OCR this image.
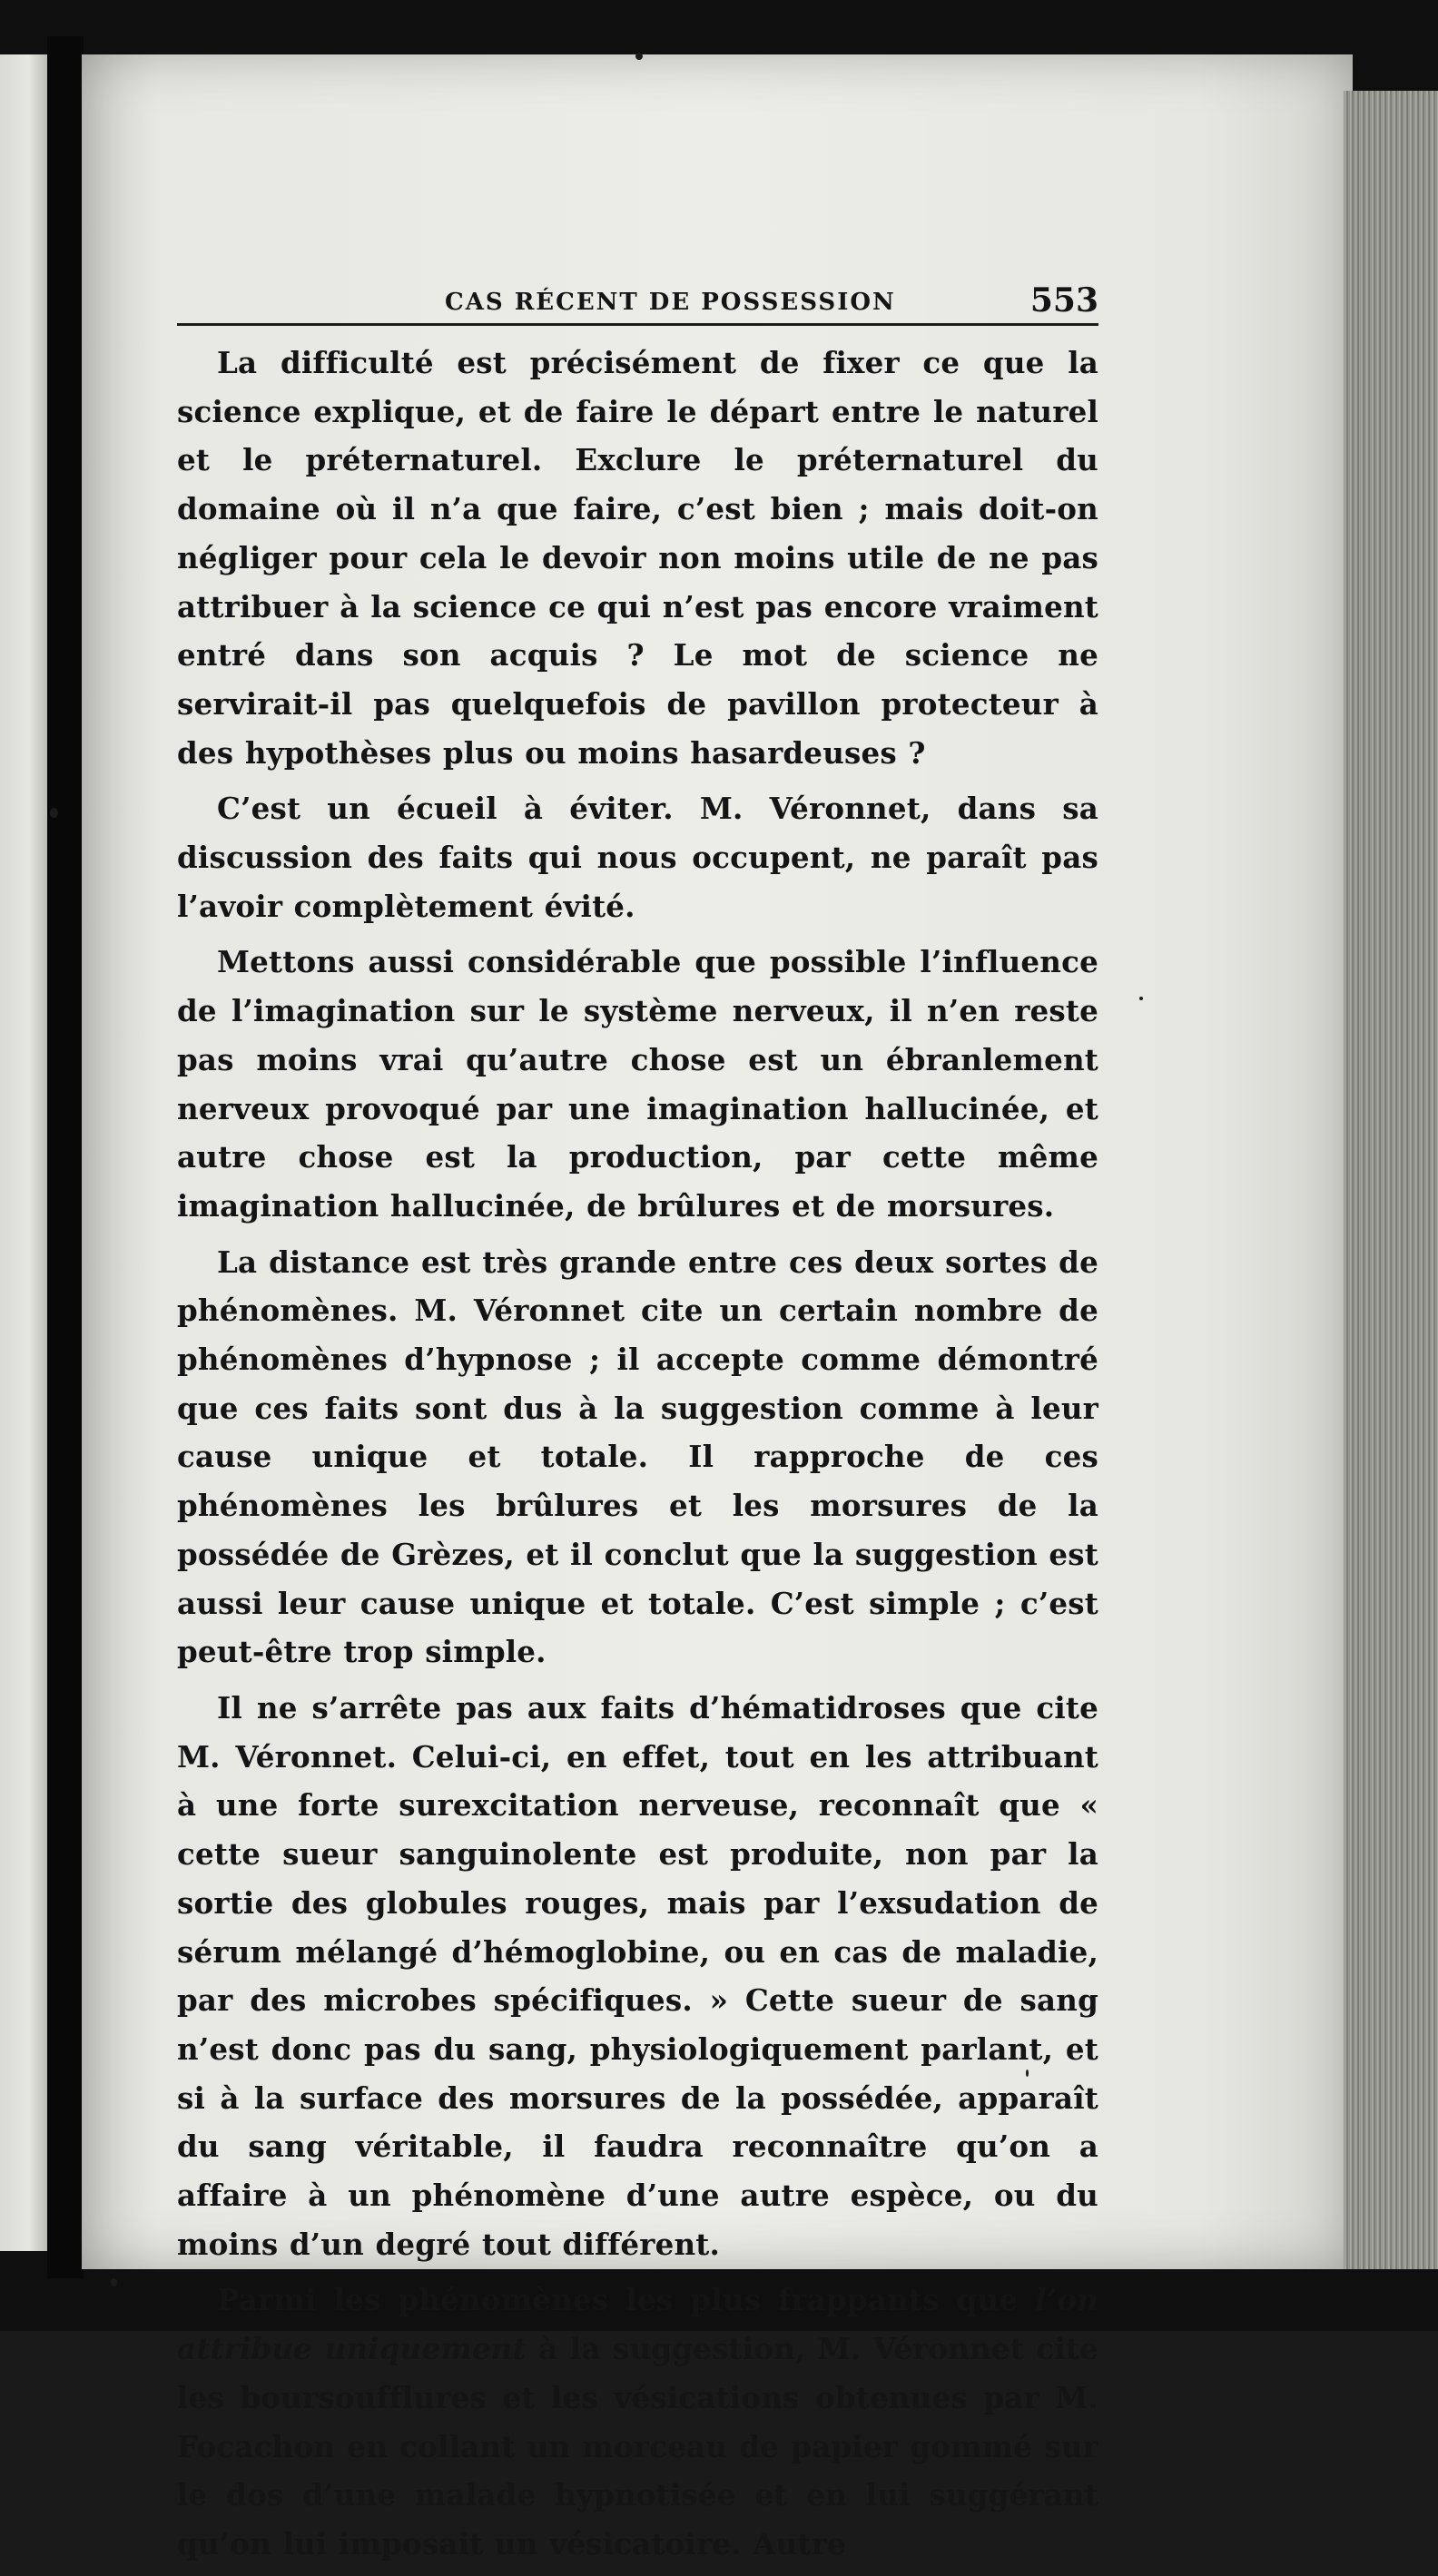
CAS RÉCENT DE POSSESSION	553

La difficulté est précisément de fixer ce que la science explique, et de faire le départ entre le naturel et le préternaturel. Exclure le préternaturel du domaine où il n’a que faire, c’est bien ; mais doit-on négliger pour cela le devoir non moins utile de ne pas attribuer à la science ce qui n’est pas encore vraiment entré dans son acquis ? Le mot de science ne servirait-il pas quelquefois de pavillon protecteur à des hypothèses plus ou moins hasardeuses ?

C’est un écueil à éviter. M. Véronnet, dans sa discussion des faits qui nous occupent, ne paraît pas l’avoir complètement évité.

Mettons aussi considérable que possible l’influence de l’imagination sur le système nerveux, il n’en reste pas moins vrai qu’autre chose est un ébranlement nerveux provoqué par une imagination hallucinée, et autre chose est la production, par cette même imagination hallucinée, de brûlures et de morsures.

La distance est très grande entre ces deux sortes de phénomènes. M. Véronnet cite un certain nombre de phénomènes d’hypnose ; il accepte comme démontré que ces faits sont dus à la suggestion comme à leur cause unique et totale. Il rapproche de ces phénomènes les brûlures et les morsures de la possédée de Grèzes, et il conclut que la suggestion est aussi leur cause unique et totale. C’est simple ; c’est peut-être trop simple.

Il ne s’arrête pas aux faits d’hématidroses que cite M. Véronnet. Celui-ci, en effet, tout en les attribuant à une forte surexcitation nerveuse, reconnaît que « cette sueur sanguinolente est produite, non par la sortie des globules rouges, mais par l’exsudation de sérum mélangé d’hémoglobine, ou en cas de maladie, par des microbes spécifiques. » Cette sueur de sang n’est donc pas du sang, physiologiquement parlant, et si à la surface des morsures de la possédée, apparaît du sang véritable, il faudra reconnaître qu’on a affaire à un phénomène d’une autre espèce, ou du moins d’un degré tout différent.

Parmi les phénomènes les plus frappants que l’on attribue uniquement à la suggestion, M. Véronnet cite les boursoufflures et les vésications obtenues par M. Focachon en collant un morceau de papier gommé sur le dos d’une malade hypnotisée et en lui suggérant qu’on lui imposait un vésicatoire. Autre
